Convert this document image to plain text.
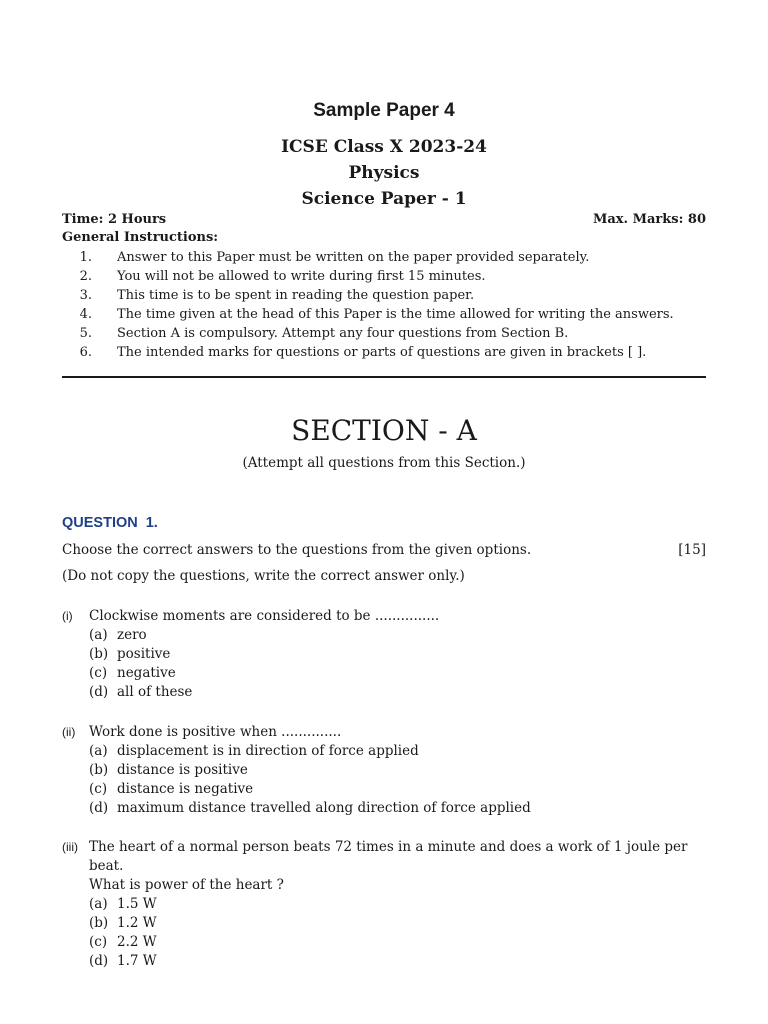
Sample Paper 4
ICSE Class X 2023-24
Physics
Science Paper - 1
Time: 2 Hours	Max. Marks: 80
General Instructions:
1.	Answer to this Paper must be written on the paper provided separately.
2.	You will not be allowed to write during first 15 minutes.
3.	This time is to be spent in reading the question paper.
4.	The time given at the head of this Paper is the time allowed for writing the answers.
5.	Section A is compulsory. Attempt any four questions from Section B.
6.	The intended marks for questions or parts of questions are given in brackets [ ].
SECTION - A
(Attempt all questions from this Section.)
QUESTION 1.
Choose the correct answers to the questions from the given options.	[15]
(Do not copy the questions, write the correct answer only.)
(i)	Clockwise moments are considered to be ...............
(a) zero
(b) positive
(c) negative
(d) all of these
(ii)	Work done is positive when ..............
(a) displacement is in direction of force applied
(b) distance is positive
(c) distance is negative
(d) maximum distance travelled along direction of force applied
(iii) The heart of a normal person beats 72 times in a minute and does a work of 1 joule per beat.
What is power of the heart ?
(a) 1.5 W
(b) 1.2 W
(c) 2.2 W
(d) 1.7 W
